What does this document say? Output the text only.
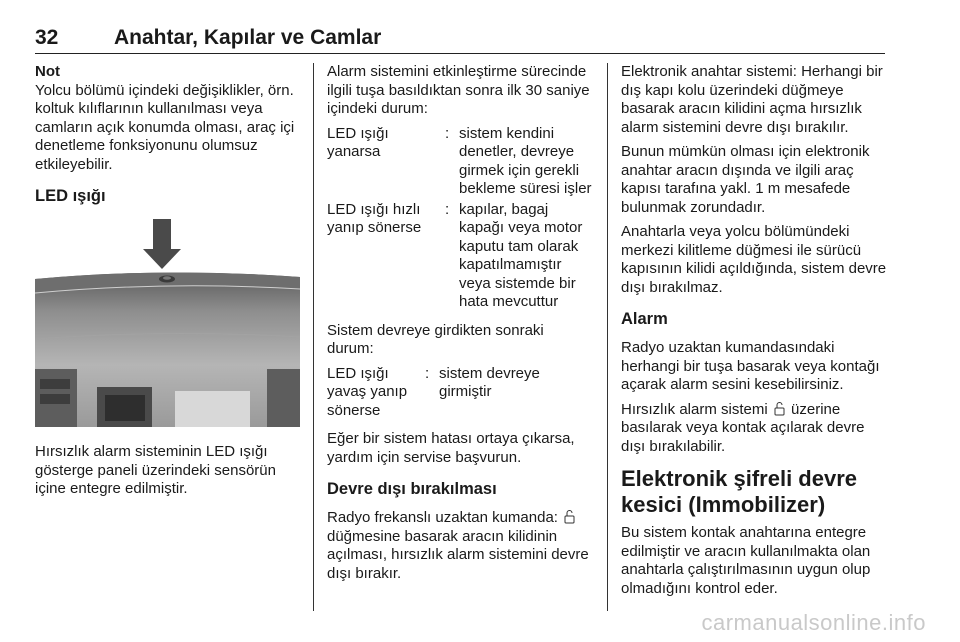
32	Anahtar, Kapılar ve Camlar

Not

Yolcu bölümü içindeki değişiklikler, örn. koltuk kılıflarının kullanılması veya camların açık konumda olması, araç içi denetleme fonksiyonunu olumsuz etkileyebilir.

LED ışığı

Hırsızlık alarm sisteminin LED ışığı gösterge paneli üzerindeki sensörün içine entegre edilmiştir.

Alarm sistemini etkinleştirme sürecinde ilgili tuşa basıldıktan sonra ilk 30 saniye içindeki durum:

LED ışığı yanarsa
: sistem kendini denetler, devreye girmek için gerekli bekleme süresi işler
LED ışığı hızlı yanıp sönerse
: kapılar, bagaj kapağı veya motor kaputu tam olarak kapatılmamıştır veya sistemde bir hata mevcuttur

Sistem devreye girdikten sonraki durum:

LED ışığı yavaş yanıp sönerse
: sistem devreye girmiştir

Eğer bir sistem hatası ortaya çıkarsa, yardım için servise başvurun.

Devre dışı bırakılması

Radyo frekanslı uzaktan kumanda:  düğmesine basarak aracın kilidinin açılması, hırsızlık alarm sistemini devre dışı bırakır.

Elektronik anahtar sistemi: Herhangi bir dış kapı kolu üzerindeki düğmeye basarak aracın kilidini açma hırsızlık alarm sistemini devre dışı bırakılır.

Bunun mümkün olması için elektronik anahtar aracın dışında ve ilgili araç kapısı tarafına yakl. 1 m mesafede bulunmak zorundadır.

Anahtarla veya yolcu bölümündeki merkezi kilitleme düğmesi ile sürücü kapısının kilidi açıldığında, sistem devre dışı bırakılmaz.

Alarm

Radyo uzaktan kumandasındaki herhangi bir tuşa basarak veya kontağı açarak alarm sesini kesebilirsiniz.

Hırsızlık alarm sistemi üzerine basılarak veya kontak açılarak devre dışı bırakılabilir.

Elektronik şifreli devre kesici (Immobilizer)

Bu sistem kontak anahtarına entegre edilmiştir ve aracın kullanılmakta olan anahtarla çalıştırılmasının uygun olup olmadığını kontrol eder.

carmanualsonline.info
